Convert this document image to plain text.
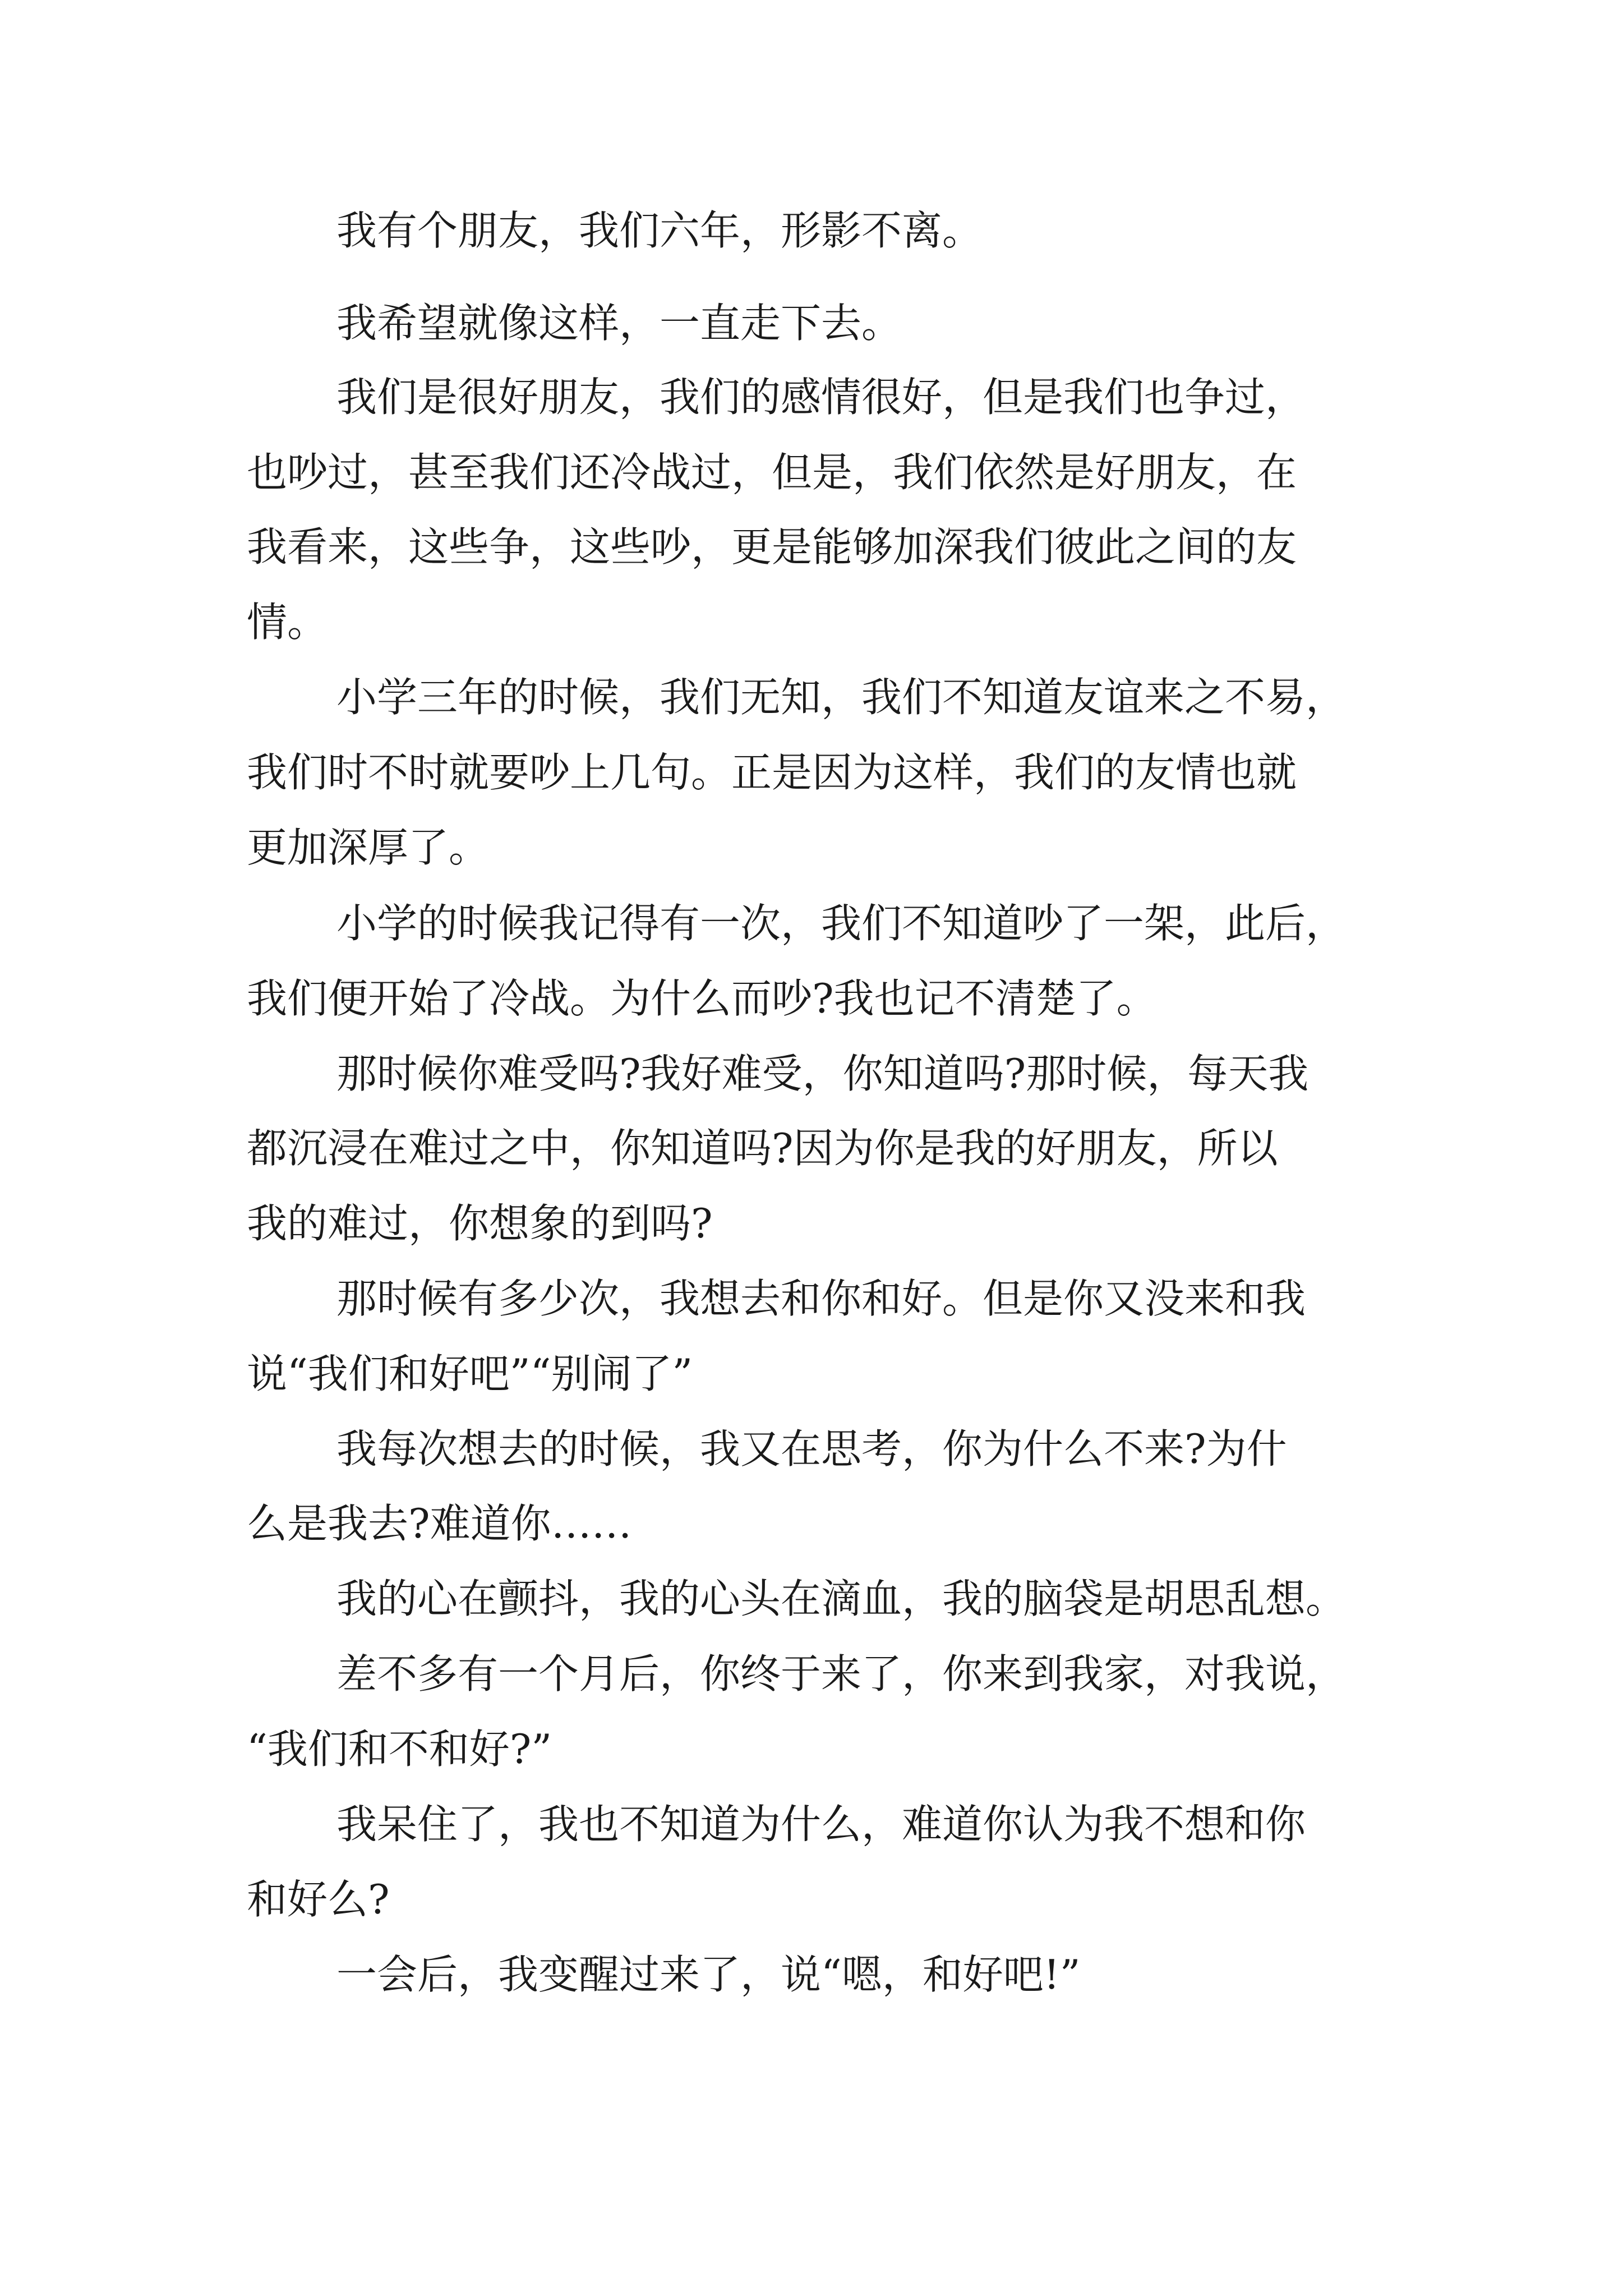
我有个朋友，我们六年，形影不离。
我希望就像这样，一直走下去。
我们是很好朋友，我们的感情很好，但是我们也争过，
也吵过，甚至我们还冷战过，但是，我们依然是好朋友，在
我看来，这些争，这些吵，更是能够加深我们彼此之间的友
情。
小学三年的时候，我们无知，我们不知道友谊来之不易，
我们时不时就要吵上几句。正是因为这样，我们的友情也就
更加深厚了。
小学的时候我记得有一次，我们不知道吵了一架，此后，
我们便开始了冷战。为什么而吵?我也记不清楚了。
那时候你难受吗?我好难受，你知道吗?那时候，每天我
都沉浸在难过之中，你知道吗?因为你是我的好朋友，所以
我的难过，你想象的到吗?
那时候有多少次，我想去和你和好。但是你又没来和我
说“我们和好吧”“别闹了”
我每次想去的时候，我又在思考，你为什么不来?为什
么是我去?难道你……
我的心在颤抖，我的心头在滴血，我的脑袋是胡思乱想。
差不多有一个月后，你终于来了，你来到我家，对我说，
“我们和不和好?”
我呆住了，我也不知道为什么，难道你认为我不想和你
和好么?
一会后，我变醒过来了，说“嗯，和好吧!”
